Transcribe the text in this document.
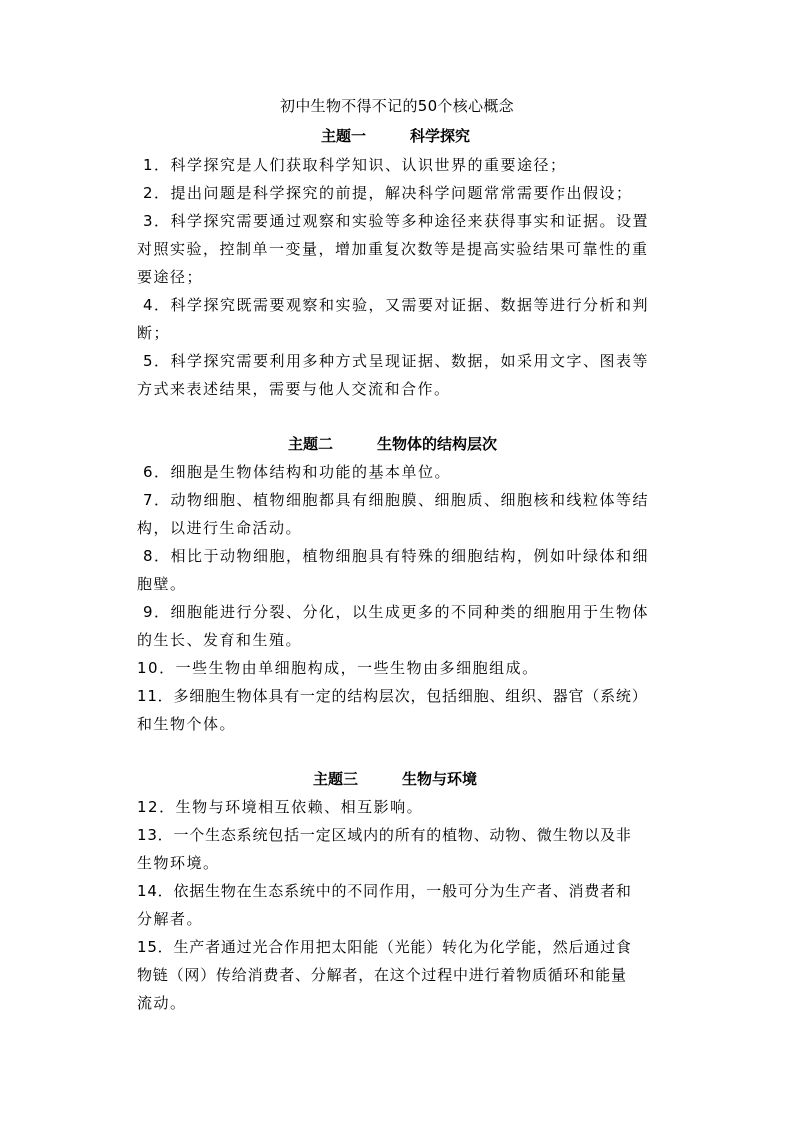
初中生物不得不记的50个核心概念
主题一	科学探究
1．科学探究是人们获取科学知识、认识世界的重要途径；
2．提出问题是科学探究的前提，解决科学问题常常需要作出假设；
3．科学探究需要通过观察和实验等多种途径来获得事实和证据。设置
对照实验，控制单一变量，增加重复次数等是提高实验结果可靠性的重
要途径；
4．科学探究既需要观察和实验，又需要对证据、数据等进行分析和判
断；
5．科学探究需要利用多种方式呈现证据、数据，如采用文字、图表等
方式来表述结果，需要与他人交流和合作。
主题二	生物体的结构层次
6．细胞是生物体结构和功能的基本单位。
7．动物细胞、植物细胞都具有细胞膜、细胞质、细胞核和线粒体等结
构，以进行生命活动。
8．相比于动物细胞，植物细胞具有特殊的细胞结构，例如叶绿体和细
胞壁。
9．细胞能进行分裂、分化，以生成更多的不同种类的细胞用于生物体
的生长、发育和生殖。
10．一些生物由单细胞构成，一些生物由多细胞组成。
11．多细胞生物体具有一定的结构层次，包括细胞、组织、器官（系统）
和生物个体。
主题三	生物与环境
12．生物与环境相互依赖、相互影响。
13．一个生态系统包括一定区域内的所有的植物、动物、微生物以及非
生物环境。
14．依据生物在生态系统中的不同作用，一般可分为生产者、消费者和
分解者。
15．生产者通过光合作用把太阳能（光能）转化为化学能，然后通过食
物链（网）传给消费者、分解者，在这个过程中进行着物质循环和能量
流动。
